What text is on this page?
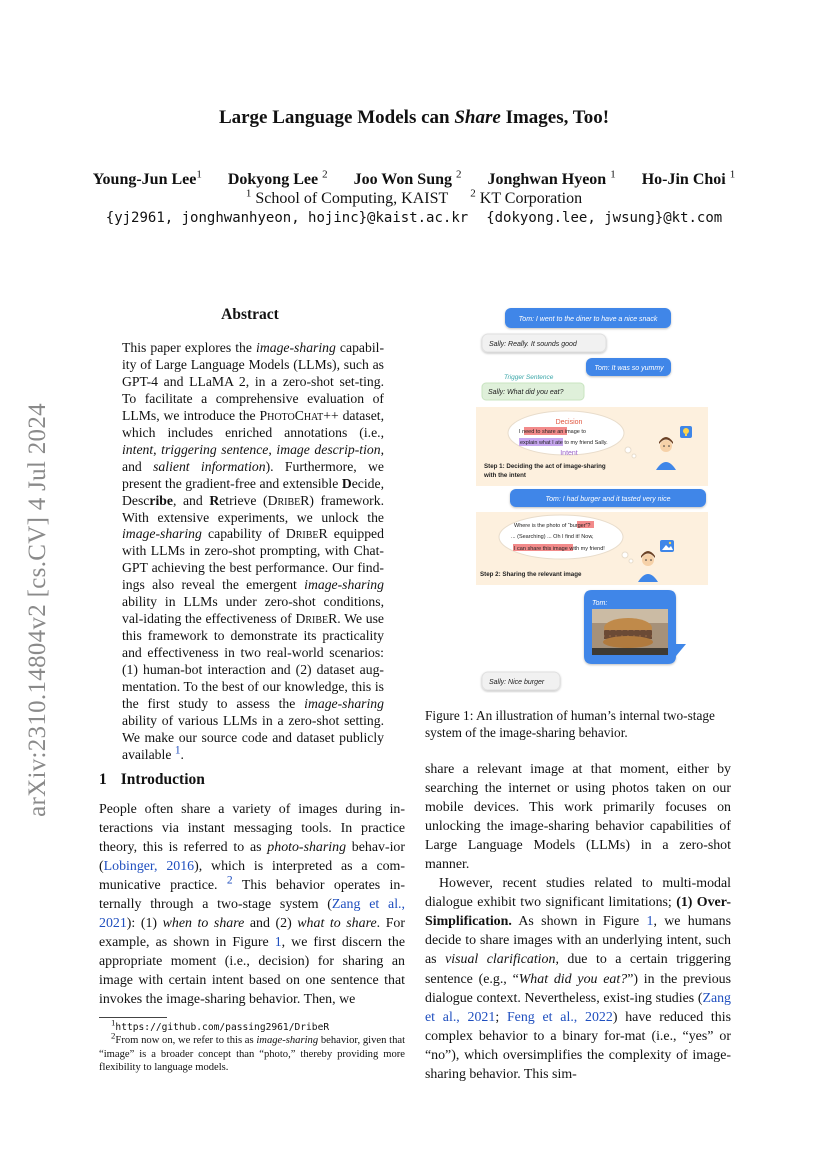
arXiv:2310.14804v2 [cs.CV] 4 Jul 2024
Large Language Models can Share Images, Too!
Young-Jun Lee$^1$ Dokyong Lee $^2$ Joo Won Sung $^2$ Jonghwan Hyeon $^1$ Ho-Jin Choi $^1$
$^1$ School of Computing, KAIST $^2$ KT Corporation
{yj2961, jonghwanhyeon, hojinc}@kaist.ac.kr {dokyong.lee, jwsung}@kt.com
Abstract
This paper explores the image-sharing capabil-ity of Large Language Models (LLMs), such as GPT-4 and LLaMA 2, in a zero-shot set-ting. To facilitate a comprehensive evaluation of LLMs, we introduce the PhotoChat++ dataset, which includes enriched annotations (i.e., intent, triggering sentence, image descrip-tion, and salient information). Furthermore, we present the gradient-free and extensible Decide, Describe, and Retrieve (DribeR) framework. With extensive experiments, we unlock the image-sharing capability of DribeR equipped with LLMs in zero-shot prompting, with Chat-GPT achieving the best performance. Our find-ings also reveal the emergent image-sharing ability in LLMs under zero-shot conditions, val-idating the effectiveness of DribeR. We use this framework to demonstrate its practicality and effectiveness in two real-world scenarios: (1) human-bot interaction and (2) dataset aug-mentation. To the best of our knowledge, this is the first study to assess the image-sharing ability of various LLMs in a zero-shot setting. We make our source code and dataset publicly available $^1$.
1 Introduction

People often share a variety of images during in-teractions via instant messaging tools. In practice theory, this is referred to as photo-sharing behav-ior (Lobinger, 2016), which is interpreted as a com-municative practice. $^2$ This behavior operates in-ternally through a two-stage system (Zang et al., 2021): (1) when to share and (2) what to share. For example, as shown in Figure 1, we first discern the appropriate moment (i.e., decision) for sharing an image with certain intent based on one sentence that invokes the image-sharing behavior. Then, we

$^1$https://github.com/passing2961/DribeR
$^2$From now on, we refer to this as image-sharing behavior, given that “image” is a broader concept than “photo,” thereby providing more flexibility to language models.
Tom: I went to the diner to have a nice snack
Sally: Really. It sounds good
Tom: It was so yummy
Trigger Sentence
Sally: What did you eat?
Decision
I need to share an image to
explain what I ate to my friend Sally.
Intent
Step 1: Deciding the act of image-sharing with the intent
Tom: I had burger and it tasted very nice
Where is the photo of “burger”?
... (Searching) ... Oh I find it! Now,
I can share this image with my friend!
Step 2: Sharing the relevant image
Tom:
Sally: Nice burger
Figure 1: An illustration of human’s internal two-stage system of the image-sharing behavior.

share a relevant image at that moment, either by searching the internet or using photos taken on our mobile devices. This work primarily focuses on unlocking the image-sharing behavior capabilities of Large Language Models (LLMs) in a zero-shot manner.

However, recent studies related to multi-modal dialogue exhibit two significant limitations; (1) Over-Simplification. As shown in Figure 1, we humans decide to share images with an underlying intent, such as visual clarification, due to a certain triggering sentence (e.g., “What did you eat?”) in the previous dialogue context. Nevertheless, exist-ing studies (Zang et al., 2021; Feng et al., 2022) have reduced this complex behavior to a binary for-mat (i.e., “yes” or “no”), which oversimplifies the complexity of image-sharing behavior. This sim-
